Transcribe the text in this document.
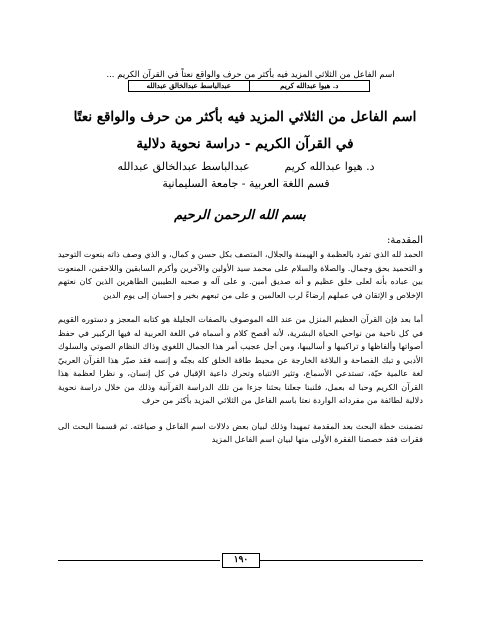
اسم الفاعل من الثلاثي المزيد فيه بأكثر من حرف والواقع نعتاً في القرآن الكريم ...
د. هيوا عبدالله كريم
عبدالباسط عبدالخالق عبدالله
اسم الفاعل من الثلاثي المزيد فيه بأكثر من حرف والواقع نعتًا في القرآن الكريم - دراسة نحوية دلالية
د. هيوا عبدالله كريم          عبدالباسط عبدالخالق عبدالله
قسم اللغة العربية - جامعة السليمانية
بسم الله الرحمن الرحيم
المقدمة:

الحمد لله الذي تفرد بالعظمة و الهيمنة والجلال، المتصف بكل حسن و كمال، و الذي وصف ذاته بنعوت التوحيد و التحميد بحق وجمال. والصلاة والسلام على محمد سيد الأولين والآخرين وأكرم السابقين واللاحقين، المنعوت بين عباده بأنه لعلى خلق عظيم و أنه صديق أمين. و على آله و صحبه الطيبين الطاهرين الذين كان نعتهم الإخلاص و الإتقان في عملهم إرضاءً لرب العالمين و على من تبعهم بخير و إحسان إلى يوم الدين

أما بعد فإن القرآن العظيم المنزل من عند الله الموصوف بالصفات الجليلة هو كتابه المعجز و دستوره القويم في كل ناحية من نواحي الحياة البشرية، لأنه أفصح كلام و أسماه في اللغة العربية له فيها الركبير في حفظ أصواتها وألفاظها و تراكيبها و أساليبها، ومن أجل عجيب أمر هذا الجمال اللغوي وذاك النظام الصوتي والسلوك الأدبي و تبك الفصاحة و البلاغة الخارجة عن محيط طاقة الخلق كله بجنّه و إنسه فقد صيّر هذا القرآن العربيّ لغة عالمية حيّة، تستدعي الأسماع، وتثير الانتباه وتحرك داعية الإقبال في كل إنسان، و نظرا لعظمة هذا القرآن الكريم وحبا له بعمل، فلنبنا جعلنا بحثنا جزءا من تلك الدراسة القرآنية وذلك من خلال دراسة نحوية دلالية لطائفة من مفرداته الواردة نعتا باسم الفاعل من الثلاثي المزيد بأكثر من حرف

تضمنت خطة البحث بعد المقدمة تمهيدا وذلك لبيان بعض دلالات اسم الفاعل و صياغته. ثم قسمنا البحث الى فقرات فقد خصصنا الفقرة الأولى منها لبيان اسم الفاعل المزيد

١٩٠
